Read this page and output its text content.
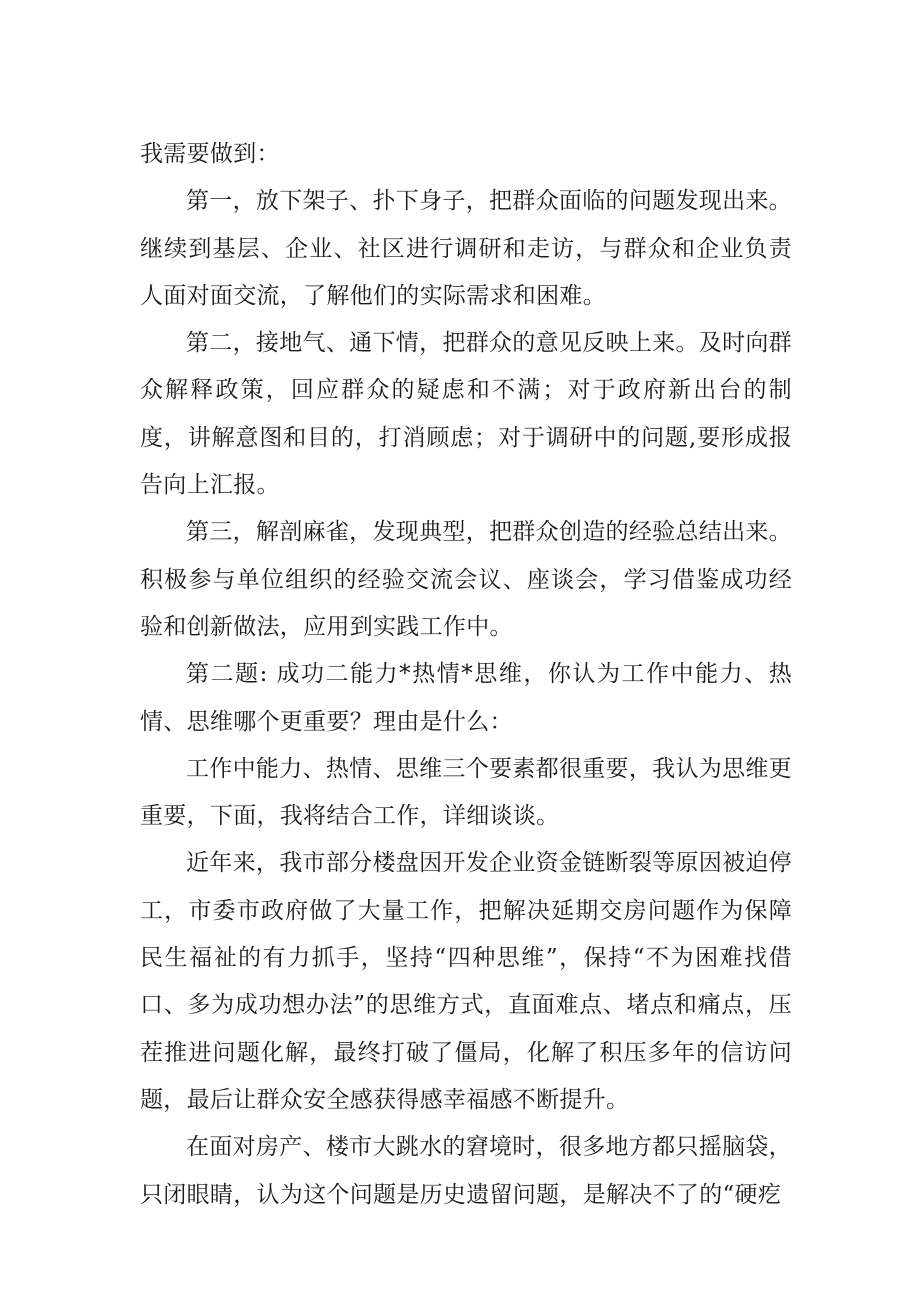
我需要做到：

第一，放下架子、扑下身子，把群众面临的问题发现出来。继续到基层、企业、社区进行调研和走访，与群众和企业负责人面对面交流，了解他们的实际需求和困难。

第二，接地气、通下情，把群众的意见反映上来。及时向群众解释政策，回应群众的疑虑和不满；对于政府新出台的制度，讲解意图和目的，打消顾虑；对于调研中的问题,要形成报告向上汇报。

第三，解剖麻雀，发现典型，把群众创造的经验总结出来。积极参与单位组织的经验交流会议、座谈会，学习借鉴成功经验和创新做法，应用到实践工作中。

第二题: 成功二能力*热情*思维，你认为工作中能力、热情、思维哪个更重要？理由是什么：

工作中能力、热情、思维三个要素都很重要，我认为思维更重要，下面，我将结合工作，详细谈谈。

近年来，我市部分楼盘因开发企业资金链断裂等原因被迫停工，市委市政府做了大量工作，把解决延期交房问题作为保障民生福祉的有力抓手，坚持“四种思维”，保持“不为困难找借口、多为成功想办法”的思维方式，直面难点、堵点和痛点，压茬推进问题化解，最终打破了僵局，化解了积压多年的信访问题，最后让群众安全感获得感幸福感不断提升。

在面对房产、楼市大跳水的窘境时，很多地方都只摇脑袋，只闭眼睛，认为这个问题是历史遗留问题，是解决不了的“硬疙
